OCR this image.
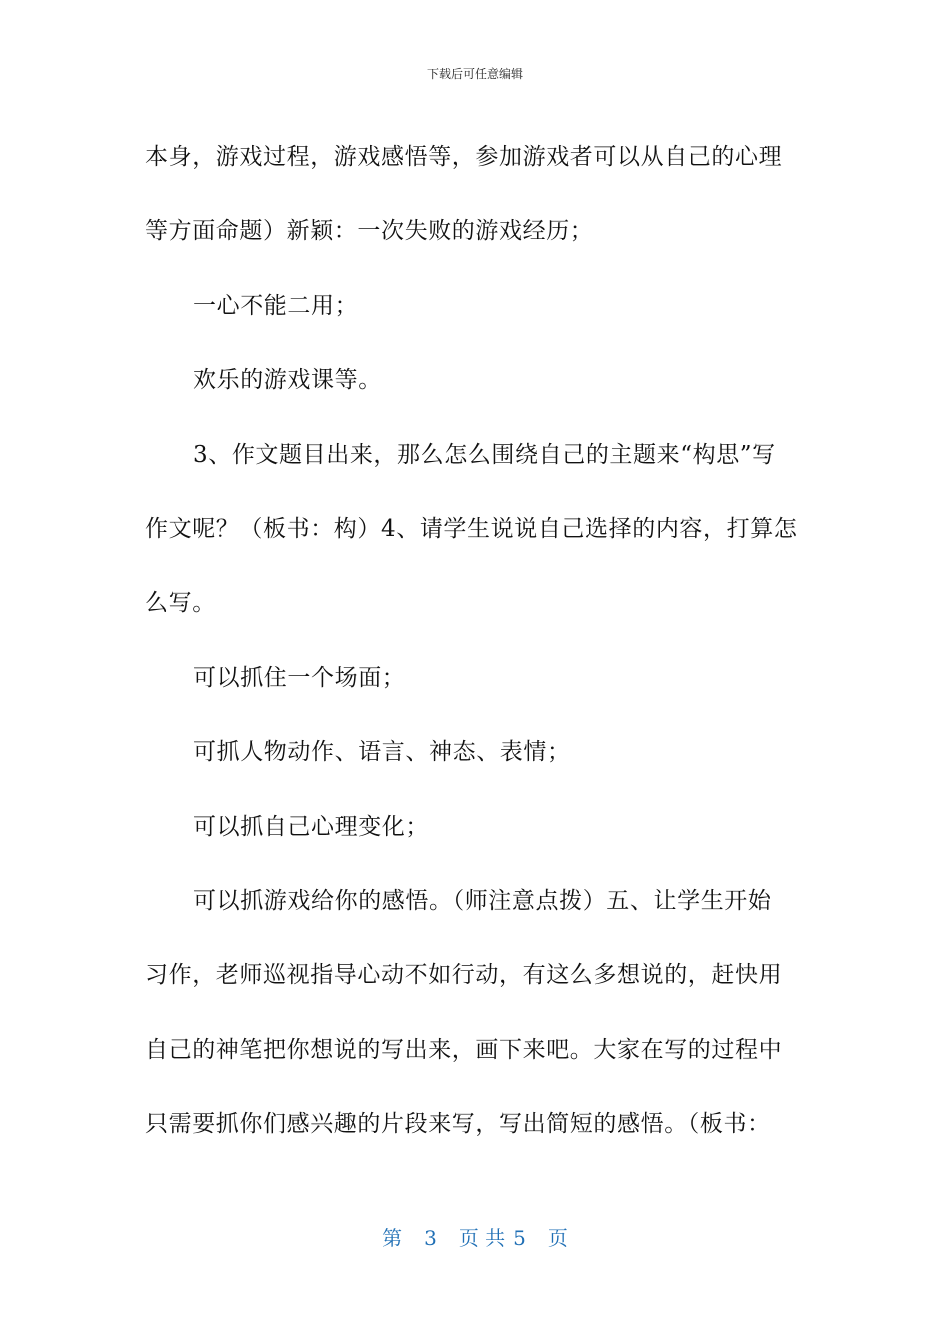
下载后可任意编辑

本身，游戏过程，游戏感悟等，参加游戏者可以从自己的心理

等方面命题）新颖：一次失败的游戏经历；

一心不能二用；

欢乐的游戏课等。

3、作文题目出来，那么怎么围绕自己的主题来“构思”写

作文呢？（板书：构）4、请学生说说自己选择的内容，打算怎

么写。

可以抓住一个场面；

可抓人物动作、语言、神态、表情；

可以抓自己心理变化；

可以抓游戏给你的感悟。（师注意点拨）五、让学生开始

习作，老师巡视指导心动不如行动，有这么多想说的，赶快用

自己的神笔把你想说的写出来，画下来吧。大家在写的过程中

只需要抓你们感兴趣的片段来写，写出简短的感悟。（板书：

第 3 页 共 5 页
